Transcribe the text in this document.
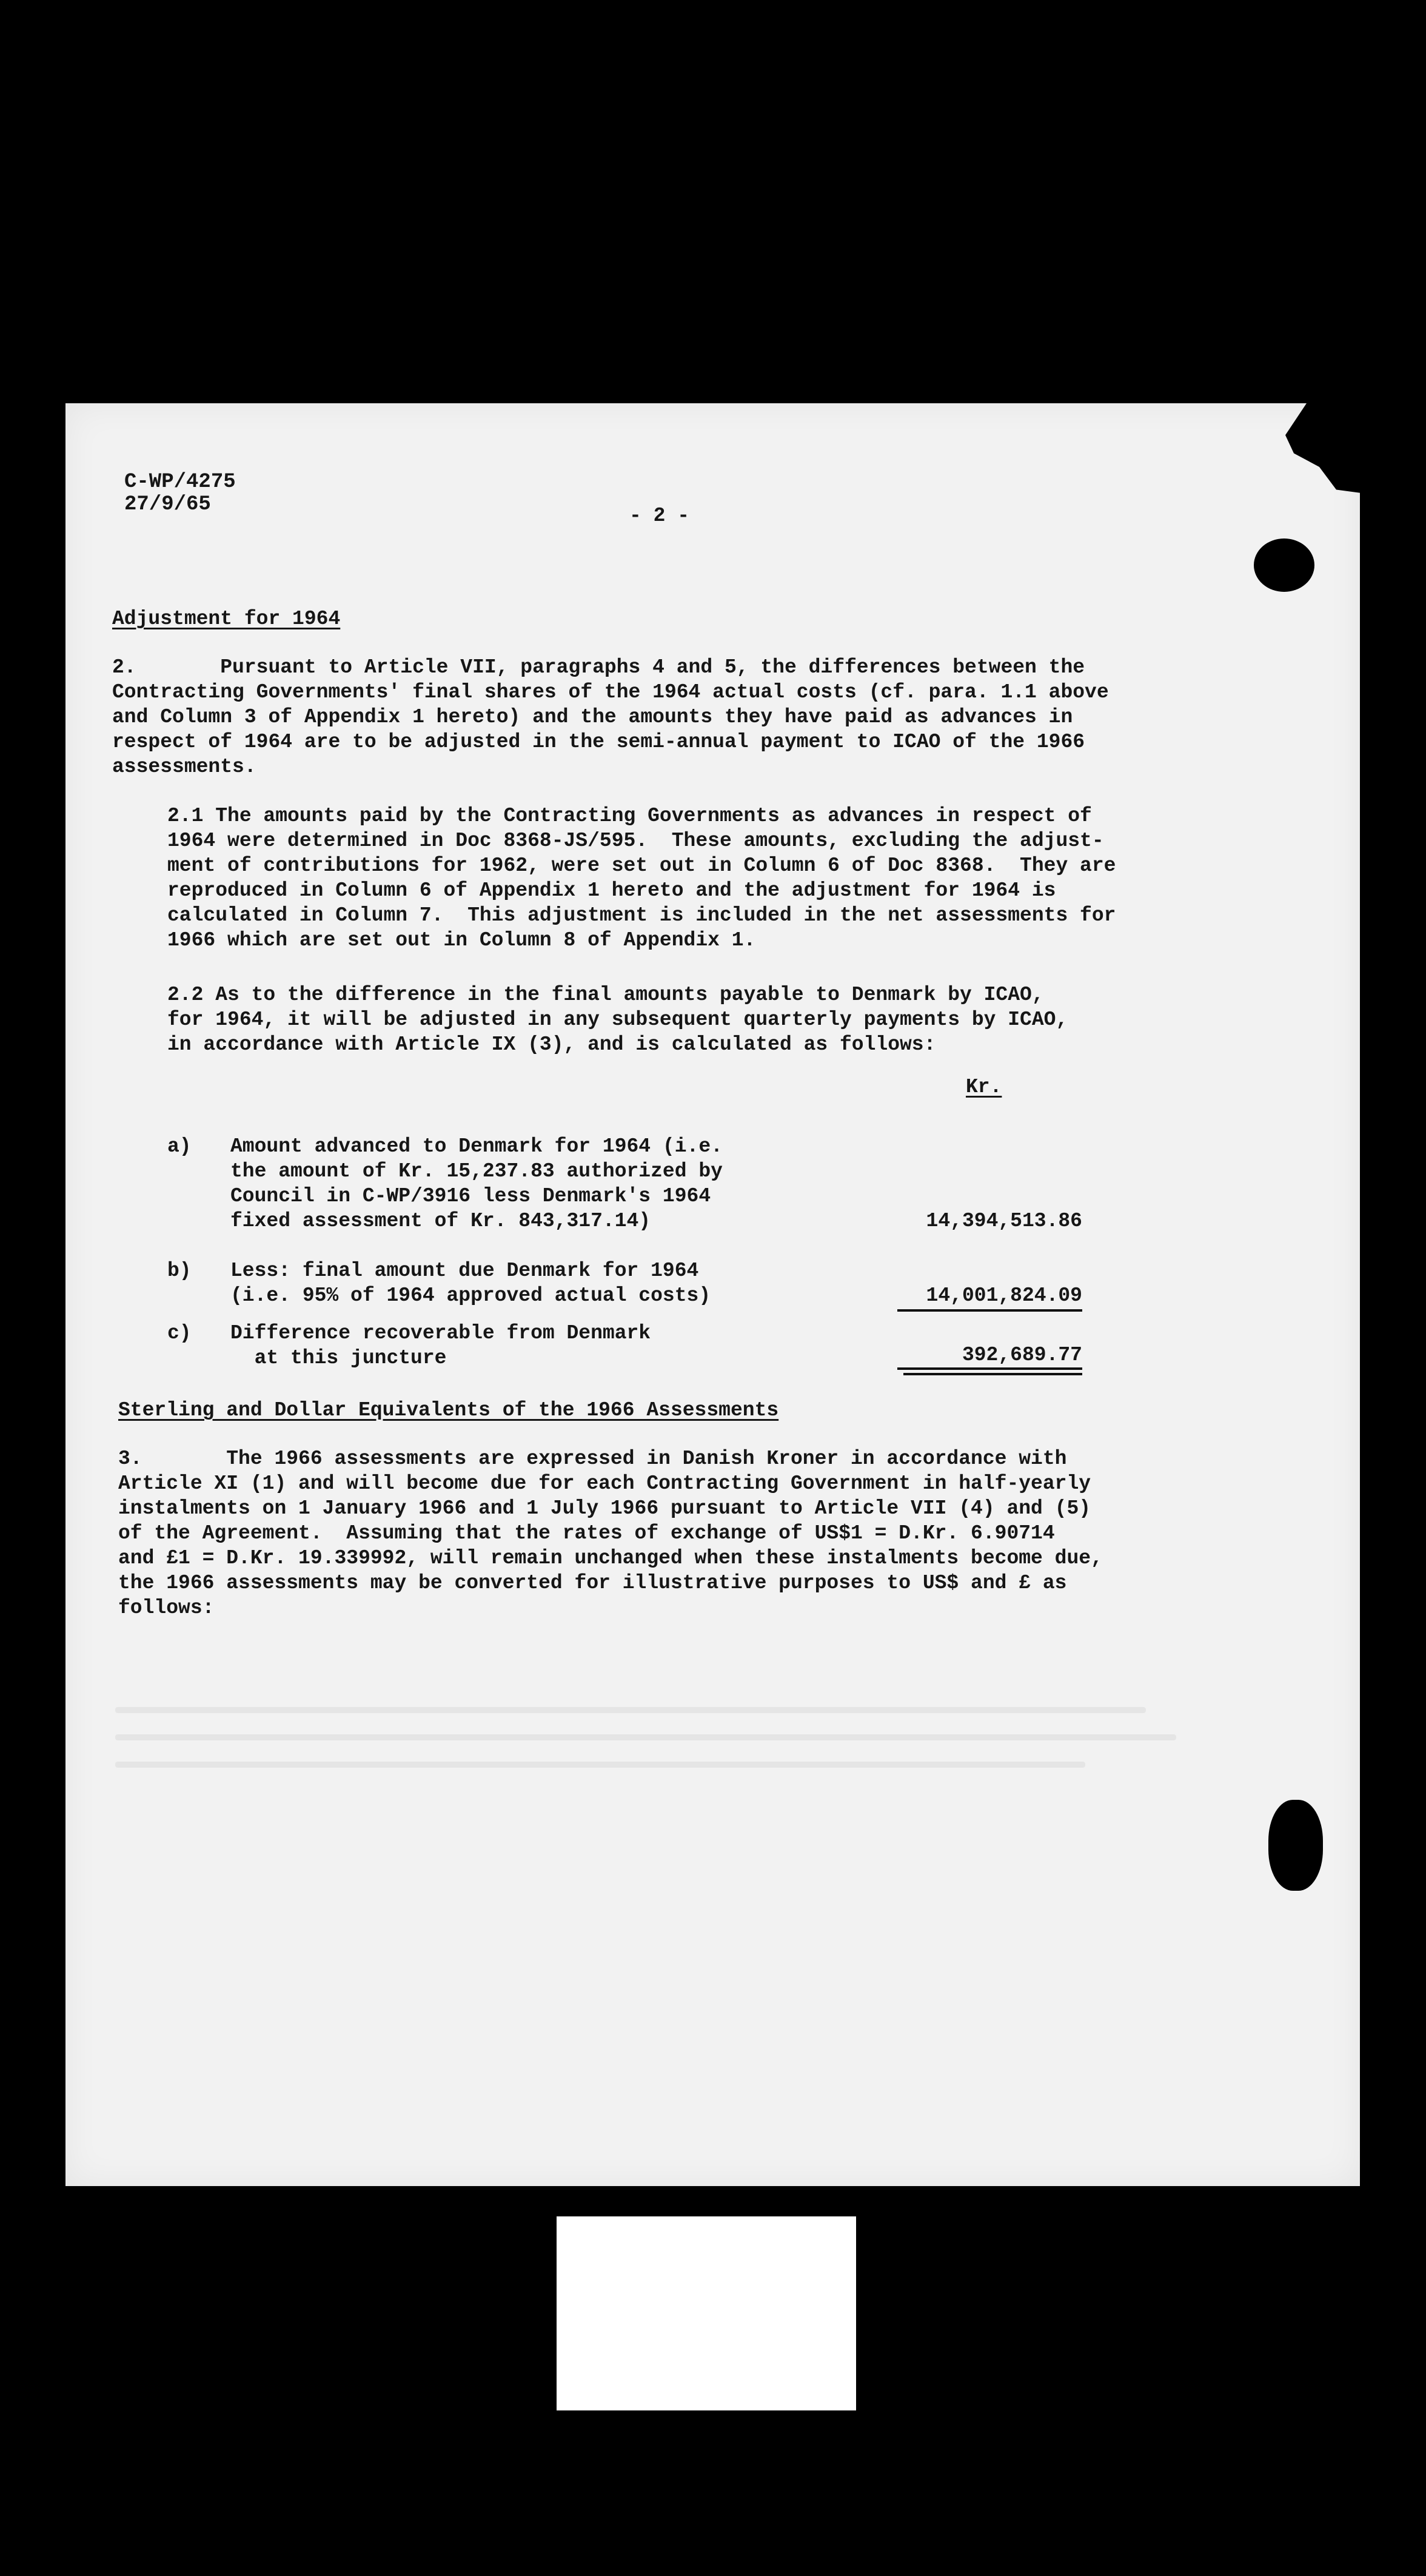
C-WP/4275
27/9/65	- 2 -
Adjustment for 1964
2.       Pursuant to Article VII, paragraphs 4 and 5, the differences between the
Contracting Governments' final shares of the 1964 actual costs (cf. para. 1.1 above
and Column 3 of Appendix 1 hereto) and the amounts they have paid as advances in
respect of 1964 are to be adjusted in the semi-annual payment to ICAO of the 1966
assessments.
2.1 The amounts paid by the Contracting Governments as advances in respect of
1964 were determined in Doc 8368-JS/595.  These amounts, excluding the adjust-
ment of contributions for 1962, were set out in Column 6 of Doc 8368.  They are
reproduced in Column 6 of Appendix 1 hereto and the adjustment for 1964 is
calculated in Column 7.  This adjustment is included in the net assessments for
1966 which are set out in Column 8 of Appendix 1.
2.2 As to the difference in the final amounts payable to Denmark by ICAO,
for 1964, it will be adjusted in any subsequent quarterly payments by ICAO,
in accordance with Article IX (3), and is calculated as follows:
Kr.
a) Amount advanced to Denmark for 1964 (i.e.
the amount of Kr. 15,237.83 authorized by
Council in C-WP/3916 less Denmark's 1964
fixed assessment of Kr. 843,317.14)	14,394,513.86
b) Less: final amount due Denmark for 1964
(i.e. 95% of 1964 approved actual costs)	14,001,824.09
c) Difference recoverable from Denmark
at this juncture	392,689.77
Sterling and Dollar Equivalents of the 1966 Assessments
3.       The 1966 assessments are expressed in Danish Kroner in accordance with
Article XI (1) and will become due for each Contracting Government in half-yearly
instalments on 1 January 1966 and 1 July 1966 pursuant to Article VII (4) and (5)
of the Agreement.  Assuming that the rates of exchange of US$1 = D.Kr. 6.90714
and £1 = D.Kr. 19.339992, will remain unchanged when these instalments become due,
the 1966 assessments may be converted for illustrative purposes to US$ and £ as
follows:
